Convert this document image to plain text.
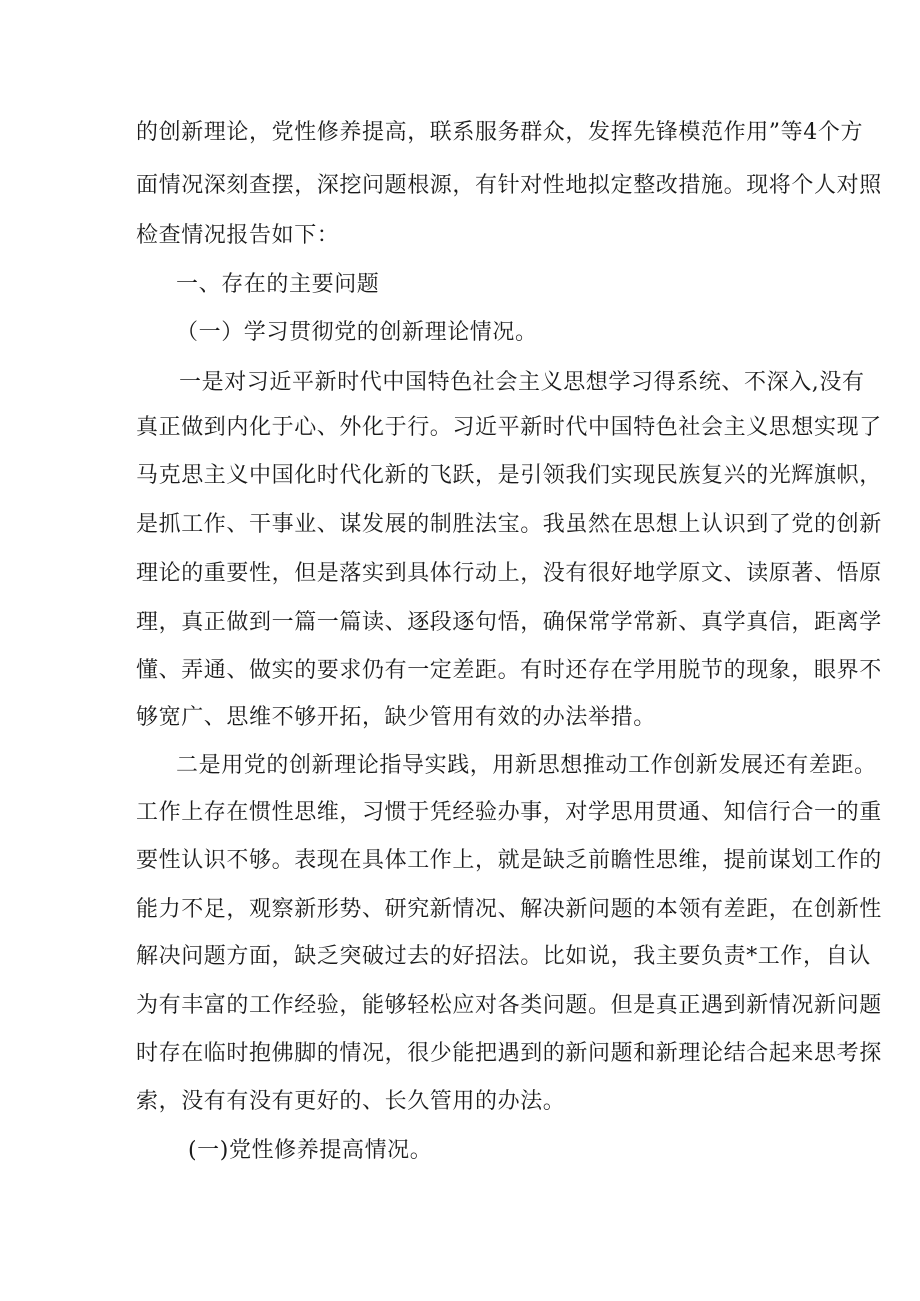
的创新理论，党性修养提高，联系服务群众，发挥先锋模范作用”等4个方
面情况深刻查摆，深挖问题根源，有针对性地拟定整改措施。现将个人对照
检查情况报告如下：
一、存在的主要问题
（一）学习贯彻党的创新理论情况。
一是对习近平新时代中国特色社会主义思想学习得系统、不深入,没有
真正做到内化于心、外化于行。习近平新时代中国特色社会主义思想实现了
马克思主义中国化时代化新的飞跃，是引领我们实现民族复兴的光辉旗帜，
是抓工作、干事业、谋发展的制胜法宝。我虽然在思想上认识到了党的创新
理论的重要性，但是落实到具体行动上，没有很好地学原文、读原著、悟原
理，真正做到一篇一篇读、逐段逐句悟，确保常学常新、真学真信，距离学
懂、弄通、做实的要求仍有一定差距。有时还存在学用脱节的现象，眼界不
够宽广、思维不够开拓，缺少管用有效的办法举措。
二是用党的创新理论指导实践，用新思想推动工作创新发展还有差距。
工作上存在惯性思维，习惯于凭经验办事，对学思用贯通、知信行合一的重
要性认识不够。表现在具体工作上，就是缺乏前瞻性思维，提前谋划工作的
能力不足，观察新形势、研究新情况、解决新问题的本领有差距，在创新性
解决问题方面，缺乏突破过去的好招法。比如说，我主要负责*工作，自认
为有丰富的工作经验，能够轻松应对各类问题。但是真正遇到新情况新问题
时存在临时抱佛脚的情况，很少能把遇到的新问题和新理论结合起来思考探
索，没有有没有更好的、长久管用的办法。
(一)党性修养提高情况。
